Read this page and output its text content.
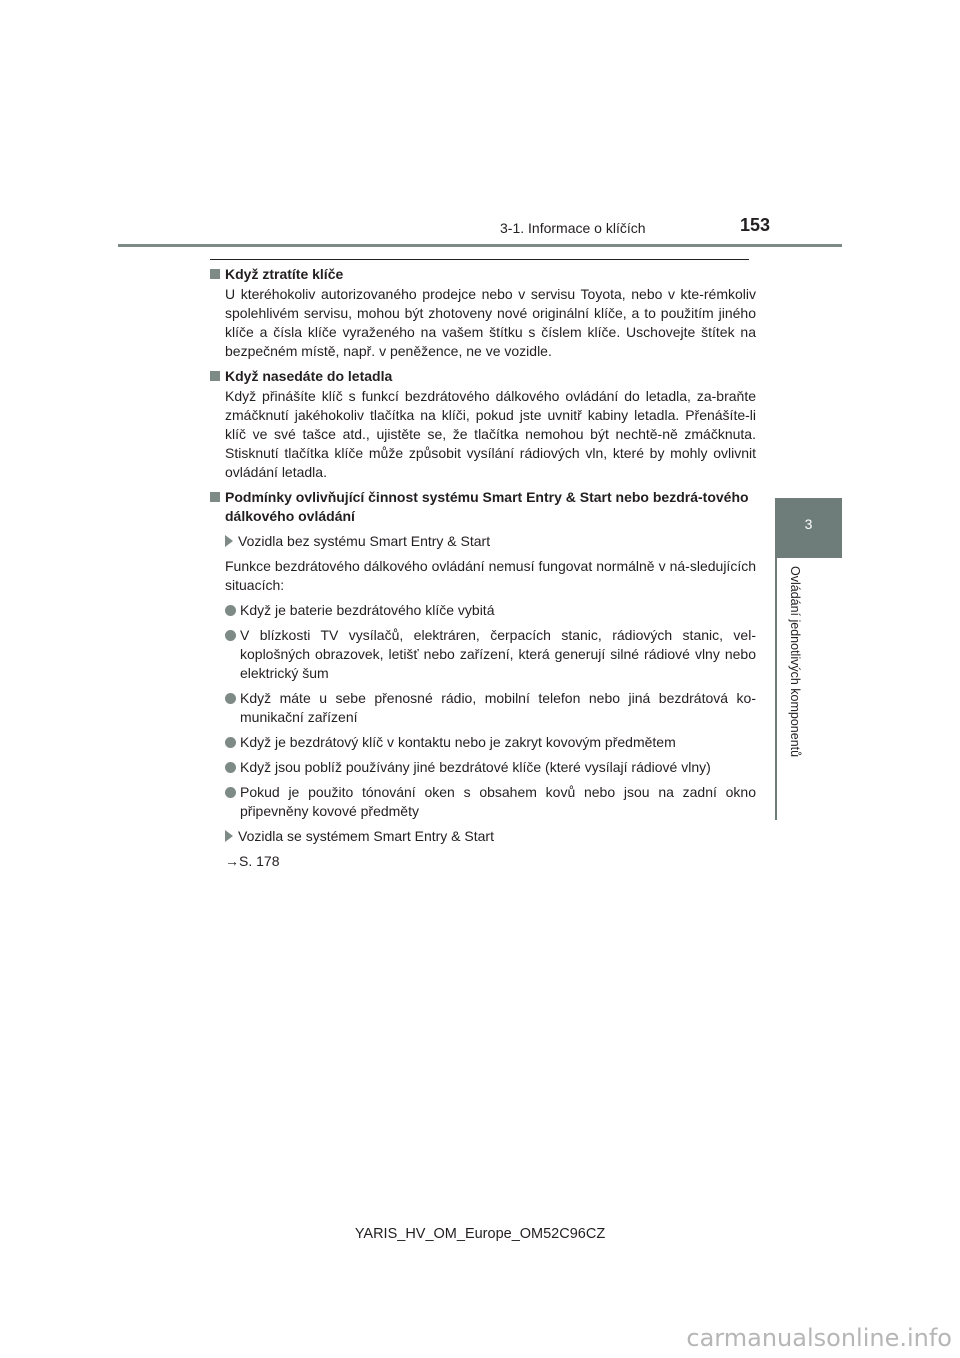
3-1. Informace o klíčích	153
3
Ovládání jednotlivých komponentů
Když ztratíte klíče
U kteréhokoliv autorizovaného prodejce nebo v servisu Toyota, nebo v kte-rémkoliv spolehlivém servisu, mohou být zhotoveny nové originální klíče, a to použitím jiného klíče a čísla klíče vyraženého na vašem štítku s číslem klíče. Uschovejte štítek na bezpečném místě, např. v peněžence, ne ve vozidle.
Když nasedáte do letadla
Když přinášíte klíč s funkcí bezdrátového dálkového ovládání do letadla, za-braňte zmáčknutí jakéhokoliv tlačítka na klíči, pokud jste uvnitř kabiny letadla. Přenášíte-li klíč ve své tašce atd., ujistěte se, že tlačítka nemohou být nechtě-ně zmáčknuta. Stisknutí tlačítka klíče může způsobit vysílání rádiových vln, které by mohly ovlivnit ovládání letadla.
Podmínky ovlivňující činnost systému Smart Entry & Start nebo bezdrá-tového dálkového ovládání
Vozidla bez systému Smart Entry & Start
Funkce bezdrátového dálkového ovládání nemusí fungovat normálně v ná-sledujících situacích:
Když je baterie bezdrátového klíče vybitá
V blízkosti TV vysílačů, elektráren, čerpacích stanic, rádiových stanic, vel-koplošných obrazovek, letišť nebo zařízení, která generují silné rádiové vlny nebo elektrický šum
Když máte u sebe přenosné rádio, mobilní telefon nebo jiná bezdrátová ko-munikační zařízení
Když je bezdrátový klíč v kontaktu nebo je zakryt kovovým předmětem
Když jsou poblíž používány jiné bezdrátové klíče (které vysílají rádiové vlny)
Pokud je použito tónování oken s obsahem kovů nebo jsou na zadní okno připevněny kovové předměty
Vozidla se systémem Smart Entry & Start
→S. 178
YARIS_HV_OM_Europe_OM52C96CZ
carmanualsonline.info
